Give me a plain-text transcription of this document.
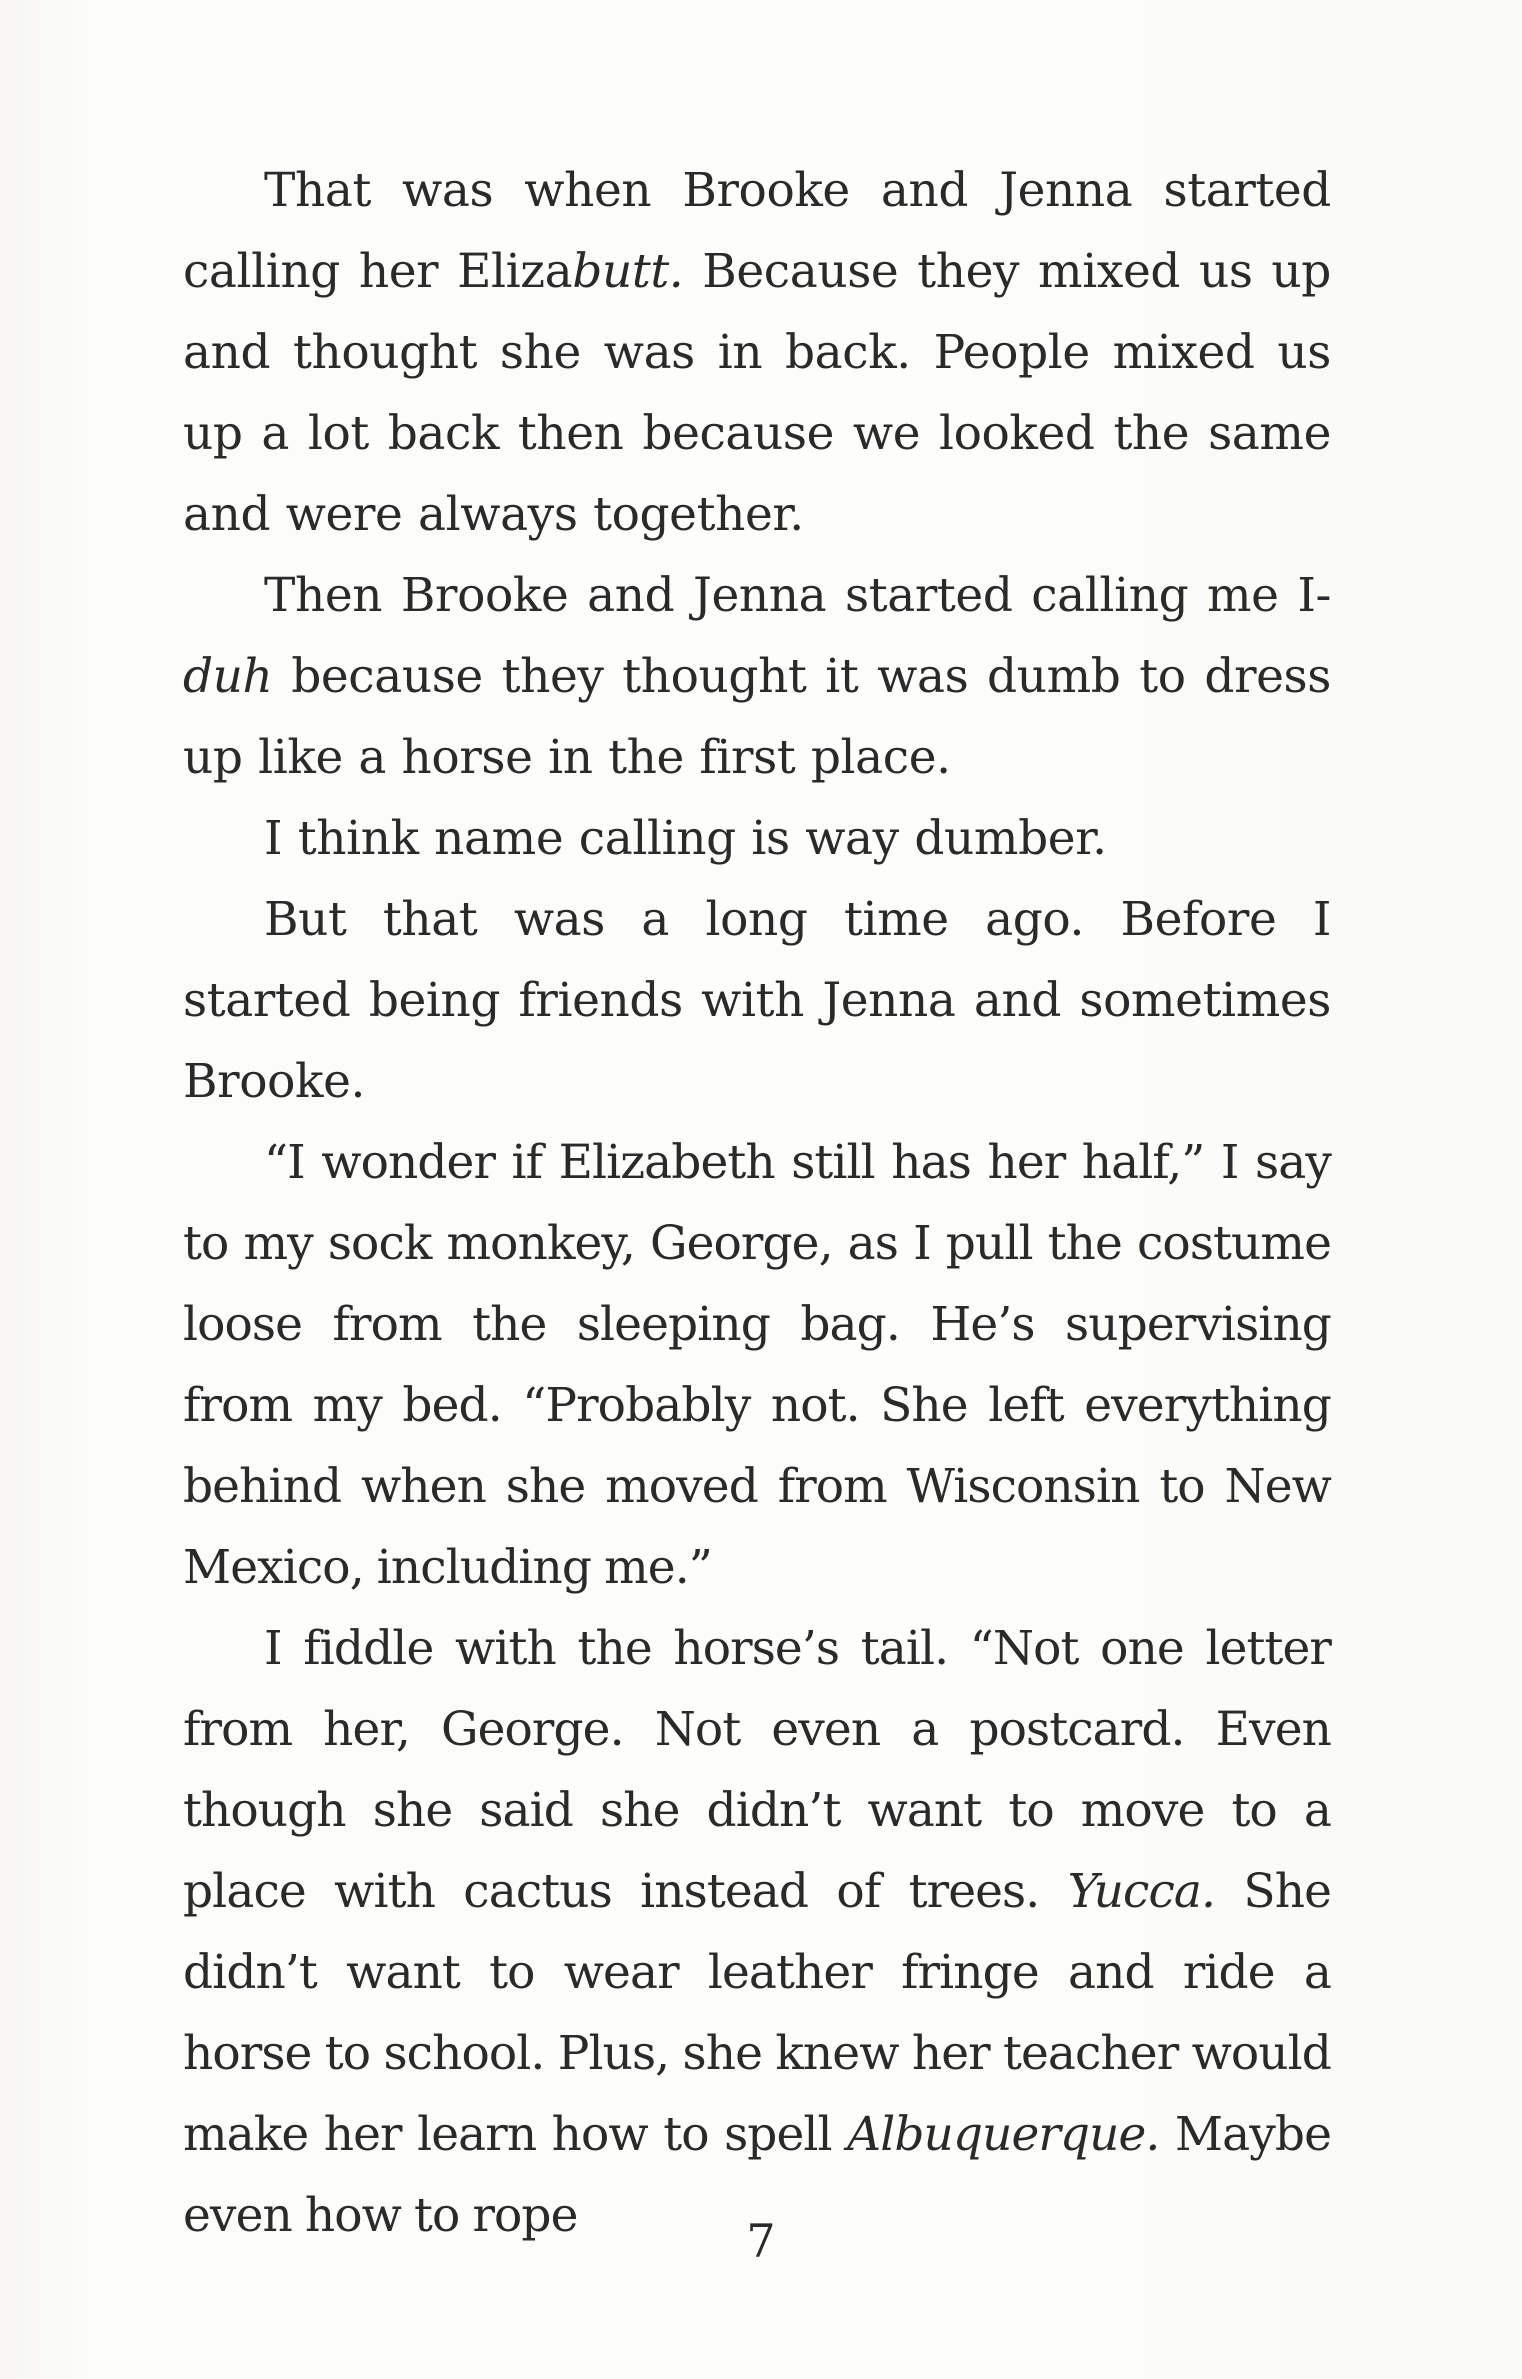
That was when Brooke and Jenna started calling her Elizabutt. Because they mixed us up and thought she was in back. People mixed us up a lot back then because we looked the same and were always together.

Then Brooke and Jenna started calling me I-duh because they thought it was dumb to dress up like a horse in the first place.

I think name calling is way dumber.

But that was a long time ago. Before I started being friends with Jenna and sometimes Brooke.

“I wonder if Elizabeth still has her half,” I say to my sock monkey, George, as I pull the costume loose from the sleeping bag. He’s supervising from my bed. “Probably not. She left everything behind when she moved from Wisconsin to New Mexico, including me.”

I fiddle with the horse’s tail. “Not one letter from her, George. Not even a postcard. Even though she said she didn’t want to move to a place with cactus instead of trees. Yucca. She didn’t want to wear leather fringe and ride a horse to school. Plus, she knew her teacher would make her learn how to spell Albuquerque. Maybe even how to rope	7
